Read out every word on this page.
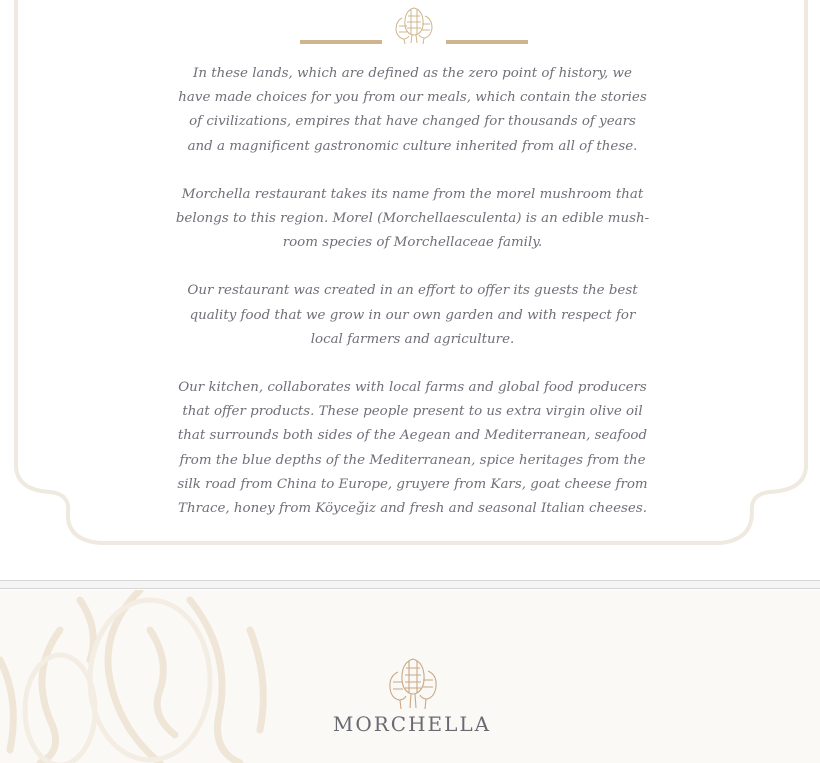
In these lands, which are defined as the zero point of history, we have made choices for you from our meals, which contain the stories of civilizations, empires that have changed for thousands of years and a magnificent gastronomic culture inherited from all of these.

Morchella restaurant takes its name from the morel mushroom that belongs to this region. Morel (Morchellaesculenta) is an edible mush-room species of Morchellaceae family.

Our restaurant was created in an effort to offer its guests the best quality food that we grow in our own garden and with respect for local farmers and agriculture.

Our kitchen, collaborates with local farms and global food producers that offer products. These people present to us extra virgin olive oil that surrounds both sides of the Aegean and Mediterranean, seafood from the blue depths of the Mediterranean, spice heritages from the silk road from China to Europe, gruyere from Kars, goat cheese from Thrace, honey from Köyceğiz and fresh and seasonal Italian cheeses.

MORCHELLA
